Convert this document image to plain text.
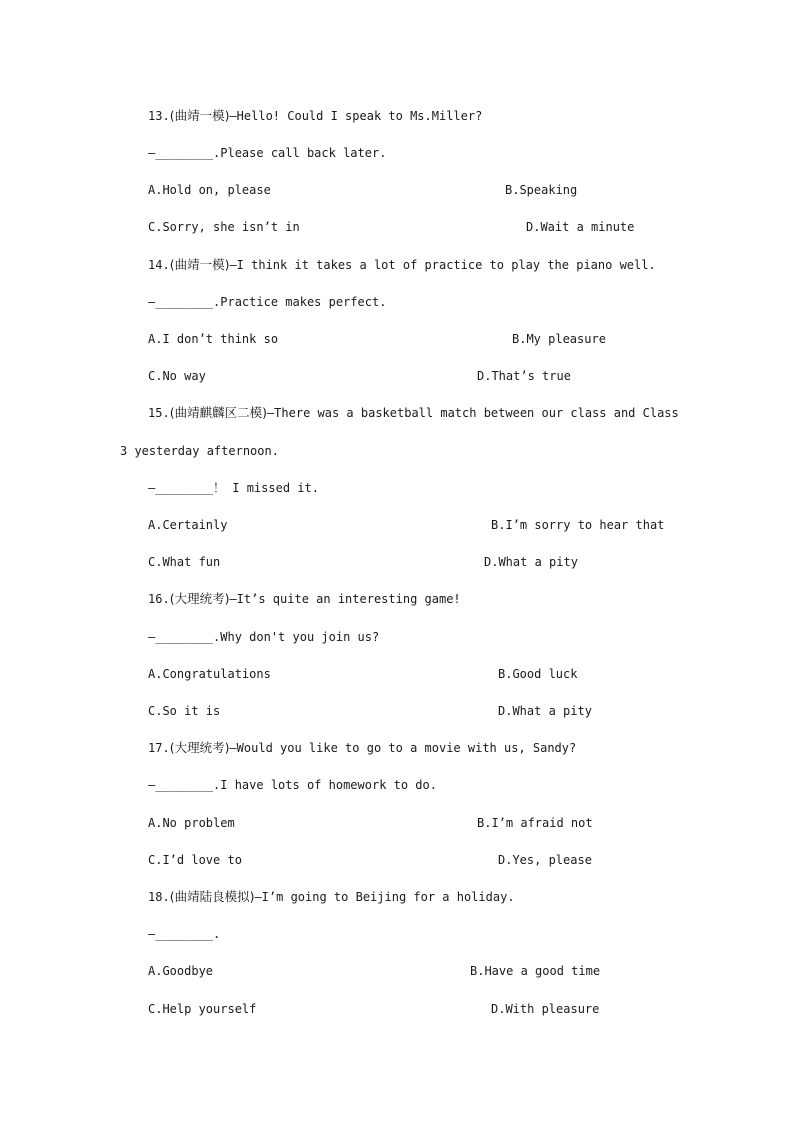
13.(曲靖一模)—Hello! Could I speak to Ms.Miller?
—________.Please call back later.
A.Hold on, please	B.Speaking
C.Sorry, she isn’t in	D.Wait a minute
14.(曲靖一模)—I think it takes a lot of practice to play the piano well.
—________.Practice makes perfect.
A.I don’t think so	B.My pleasure
C.No way	D.That’s true
15.(曲靖麒麟区二模)—There was a basketball match between our class and Class
3 yesterday afternoon.
—________！ I missed it.
A.Certainly	B.I’m sorry to hear that
C.What fun	D.What a pity
16.(大理统考)—It’s quite an interesting game!
—________.Why don't you join us?
A.Congratulations	B.Good luck
C.So it is	D.What a pity
17.(大理统考)—Would you like to go to a movie with us, Sandy?
—________.I have lots of homework to do.
A.No problem	B.I’m afraid not
C.I’d love to	D.Yes, please
18.(曲靖陆良模拟)—I’m going to Beijing for a holiday.
—________.
A.Goodbye	B.Have a good time
C.Help yourself	D.With pleasure
